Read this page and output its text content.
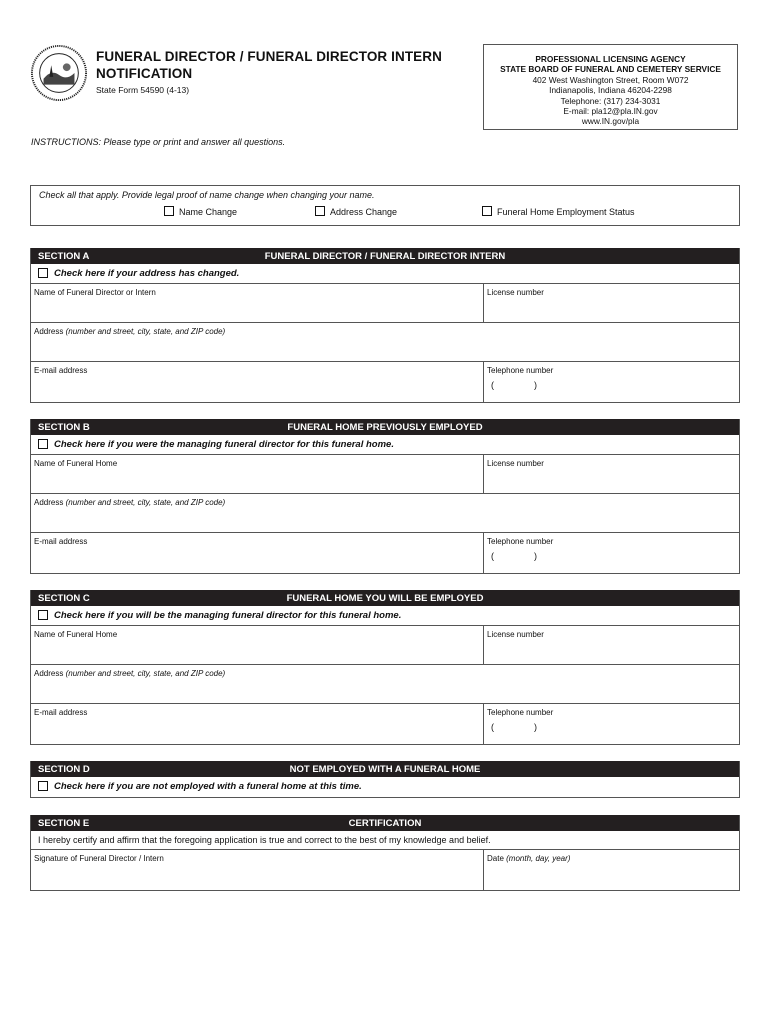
FUNERAL DIRECTOR / FUNERAL DIRECTOR INTERN
NOTIFICATION
State Form 54590 (4-13)
PROFESSIONAL LICENSING AGENCY
STATE BOARD OF FUNERAL AND CEMETERY SERVICE
402 West Washington Street, Room W072
Indianapolis, Indiana 46204-2298
Telephone: (317) 234-3031
E-mail: pla12@pla.IN.gov
www.IN.gov/pla
INSTRUCTIONS: Please type or print and answer all questions.
Check all that apply. Provide legal proof of name change when changing your name.
Name Change	Address Change	Funeral Home Employment Status
SECTION A	FUNERAL DIRECTOR / FUNERAL DIRECTOR INTERN
Check here if your address has changed.
Name of Funeral Director or Intern	License number
Address (number and street, city, state, and ZIP code)
E-mail address	Telephone number
(	)
SECTION B	FUNERAL HOME PREVIOUSLY EMPLOYED
Check here if you were the managing funeral director for this funeral home.
Name of Funeral Home	License number
Address (number and street, city, state, and ZIP code)
E-mail address	Telephone number
(	)
SECTION C	FUNERAL HOME YOU WILL BE EMPLOYED
Check here if you will be the managing funeral director for this funeral home.
Name of Funeral Home	License number
Address (number and street, city, state, and ZIP code)
E-mail address	Telephone number
(	)
SECTION D	NOT EMPLOYED WITH A FUNERAL HOME
Check here if you are not employed with a funeral home at this time.
SECTION E	CERTIFICATION
I hereby certify and affirm that the foregoing application is true and correct to the best of my knowledge and belief.
Signature of Funeral Director / Intern	Date (month, day, year)
